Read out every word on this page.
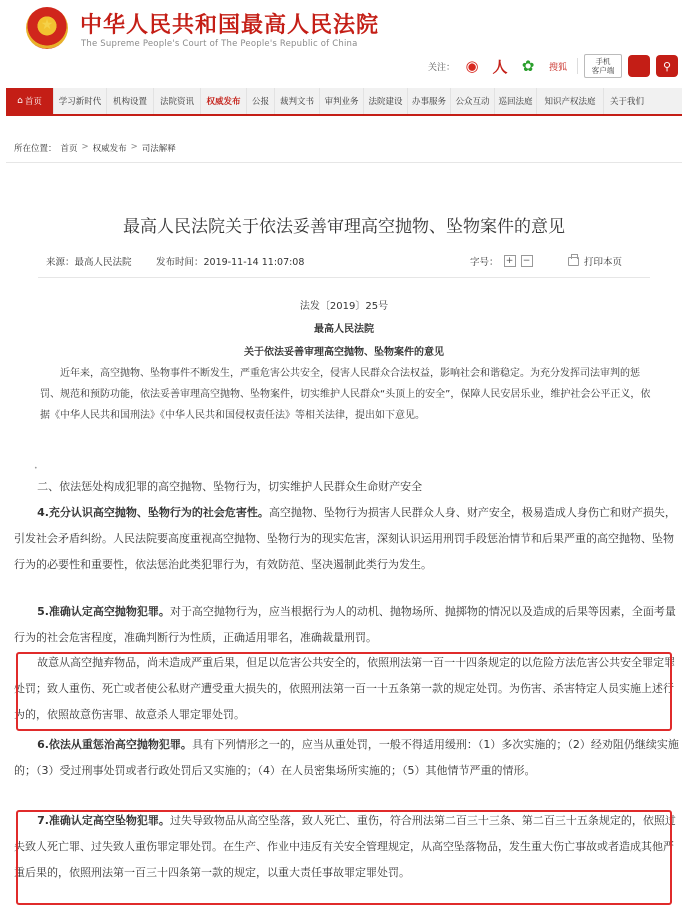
★	中华人民共和国最高人民法院
The Supreme People's Court of The People's Republic of China
关注： ◉ 人 ✿	搜狐
手机
客户端	⚲
⌂ 首页	学习新时代	机构设置	法院资讯	权威发布	公报	裁判文书	审判业务	法院建设	办事服务	公众互动	巡回法庭	知识产权法庭	关于我们
所在位置： 首页 > 权威发布 > 司法解释
最高人民法院关于依法妥善审理高空抛物、坠物案件的意见
来源：最高人民法院	发布时间：2019-11-14 11:07:08	字号： + −	打印本页
法发〔2019〕25号
最高人民法院
关于依法妥善审理高空抛物、坠物案件的意见
近年来，高空抛物、坠物事件不断发生，严重危害公共安全，侵害人民群众合法权益，影响社会和谐稳定。为充分发挥司法审判的惩罚、规范和预防功能，依法妥善审理高空抛物、坠物案件，切实维护人民群众“头顶上的安全”，保障人民安居乐业，维护社会公平正义，依据《中华人民共和国刑法》《中华人民共和国侵权责任法》等相关法律，提出如下意见。
•
二、依法惩处构成犯罪的高空抛物、坠物行为，切实维护人民群众生命财产安全
4.充分认识高空抛物、坠物行为的社会危害性。高空抛物、坠物行为损害人民群众人身、财产安全，极易造成人身伤亡和财产损失，引发社会矛盾纠纷。人民法院要高度重视高空抛物、坠物行为的现实危害，深刻认识运用刑罚手段惩治情节和后果严重的高空抛物、坠物行为的必要性和重要性，依法惩治此类犯罪行为，有效防范、坚决遏制此类行为发生。
5.准确认定高空抛物犯罪。对于高空抛物行为，应当根据行为人的动机、抛物场所、抛掷物的情况以及造成的后果等因素，全面考量行为的社会危害程度，准确判断行为性质，正确适用罪名，准确裁量刑罚。
故意从高空抛弃物品，尚未造成严重后果，但足以危害公共安全的，依照刑法第一百一十四条规定的以危险方法危害公共安全罪定罪处罚；致人重伤、死亡或者使公私财产遭受重大损失的，依照刑法第一百一十五条第一款的规定处罚。为伤害、杀害特定人员实施上述行为的，依照故意伤害罪、故意杀人罪定罪处罚。
6.依法从重惩治高空抛物犯罪。具有下列情形之一的，应当从重处罚，一般不得适用缓刑：（1）多次实施的；（2）经劝阻仍继续实施的；（3）受过刑事处罚或者行政处罚后又实施的；（4）在人员密集场所实施的；（5）其他情节严重的情形。
7.准确认定高空坠物犯罪。过失导致物品从高空坠落，致人死亡、重伤，符合刑法第二百三十三条、第二百三十五条规定的，依照过失致人死亡罪、过失致人重伤罪定罪处罚。在生产、作业中违反有关安全管理规定，从高空坠落物品，发生重大伤亡事故或者造成其他严重后果的，依照刑法第一百三十四条第一款的规定，以重大责任事故罪定罪处罚。
